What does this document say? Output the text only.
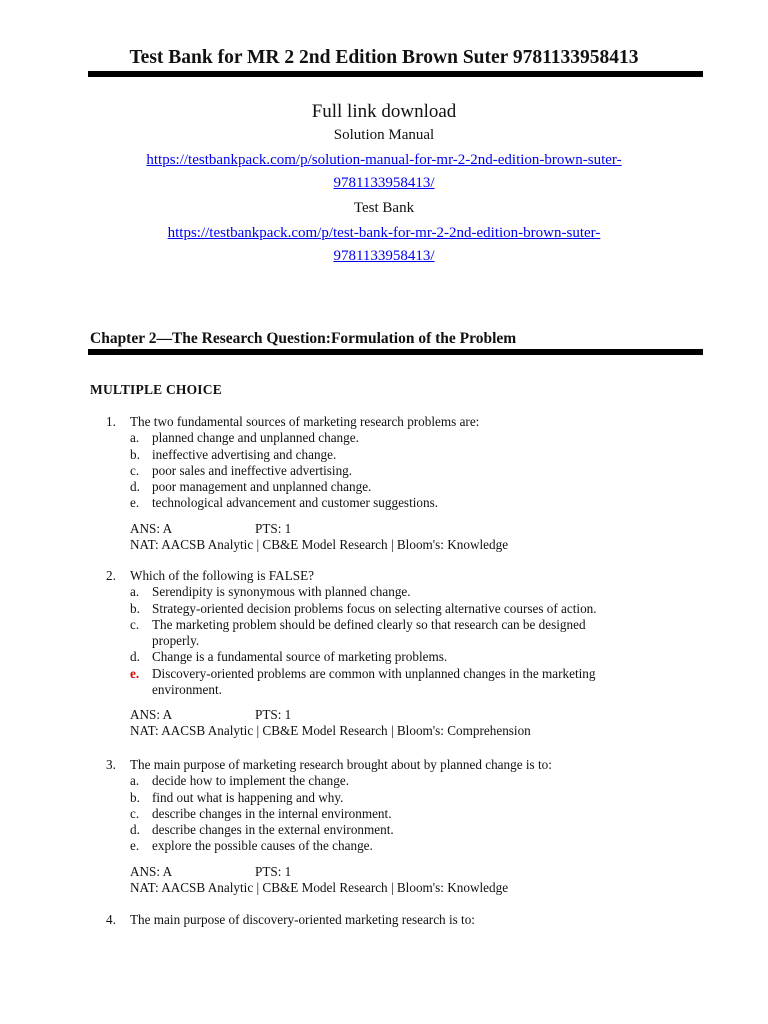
Test Bank for MR 2 2nd Edition Brown Suter 9781133958413
Full link download
Solution Manual
https://testbankpack.com/p/solution-manual-for-mr-2-2nd-edition-brown-suter-
9781133958413/
Test Bank
https://testbankpack.com/p/test-bank-for-mr-2-2nd-edition-brown-suter-
9781133958413/
Chapter 2—The Research Question:Formulation of the Problem
MULTIPLE CHOICE
1. The two fundamental sources of marketing research problems are:
a. planned change and unplanned change.
b. ineffective advertising and change.
c. poor sales and ineffective advertising.
d. poor management and unplanned change.
e. technological advancement and customer suggestions.
ANS: A	PTS: 1
NAT: AACSB Analytic | CB&E Model Research | Bloom's: Knowledge
2. Which of the following is FALSE?
a. Serendipity is synonymous with planned change.
b. Strategy-oriented decision problems focus on selecting alternative courses of action.
c. The marketing problem should be defined clearly so that research can be designed properly.
d. Change is a fundamental source of marketing problems.
e. Discovery-oriented problems are common with unplanned changes in the marketing environment.
ANS: A	PTS: 1
NAT: AACSB Analytic | CB&E Model Research | Bloom's: Comprehension
3. The main purpose of marketing research brought about by planned change is to:
a. decide how to implement the change.
b. find out what is happening and why.
c. describe changes in the internal environment.
d. describe changes in the external environment.
e. explore the possible causes of the change.
ANS: A	PTS: 1
NAT: AACSB Analytic | CB&E Model Research | Bloom's: Knowledge
4. The main purpose of discovery-oriented marketing research is to:
